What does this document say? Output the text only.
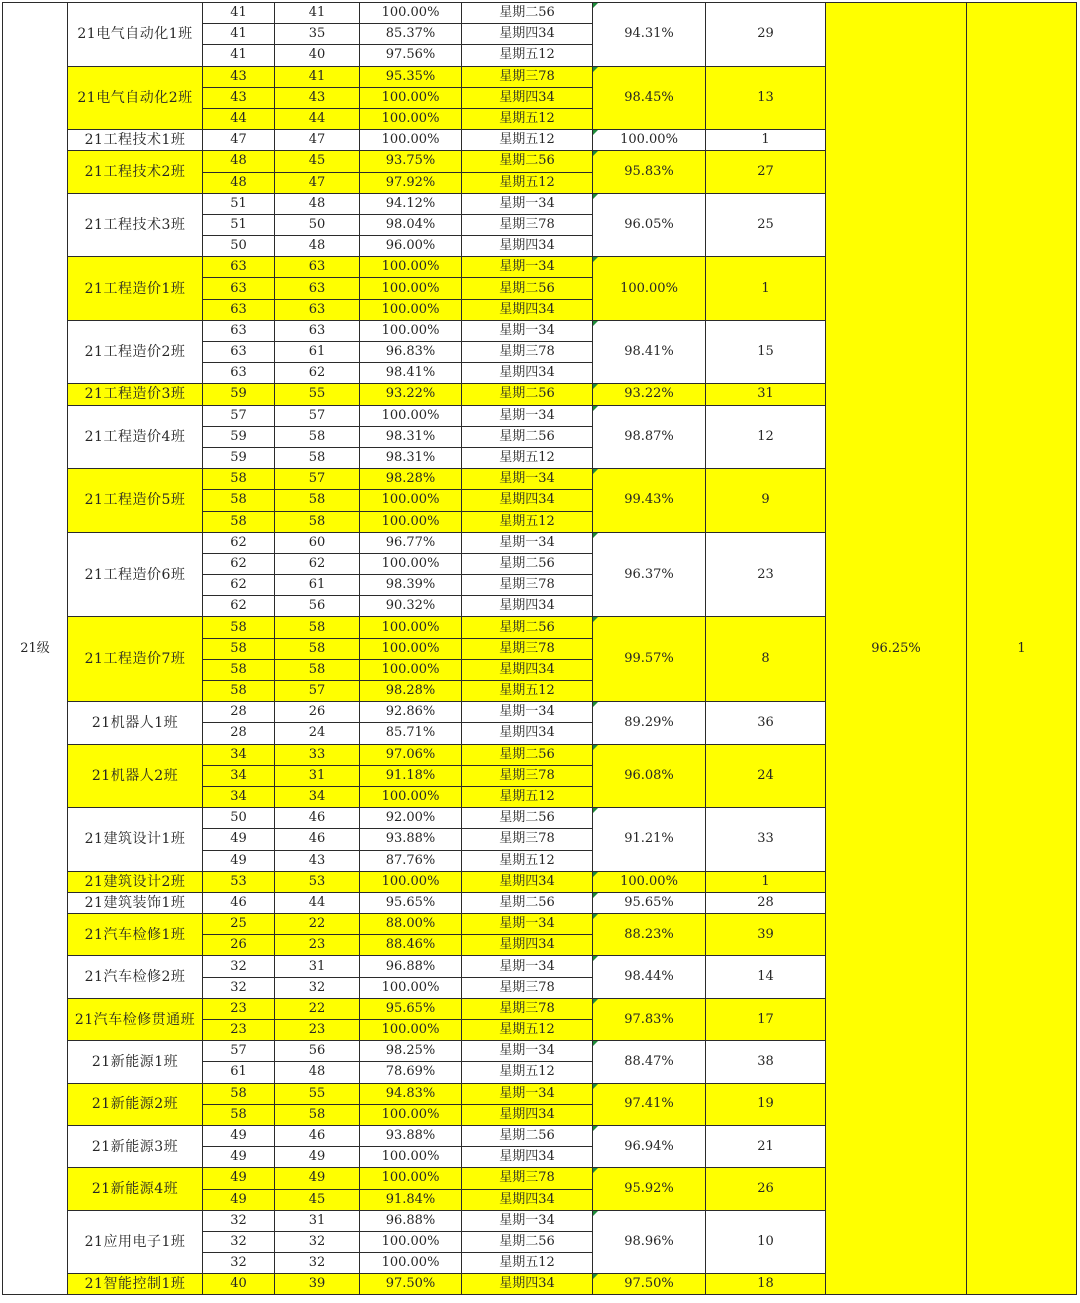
21级	21电气自动化1班	41	41	100.00%	星期二56	94.31%	29	96.25%	1
		41	35	85.37%	星期四34				
		41	40	97.56%	星期五12				
	21电气自动化2班	43	41	95.35%	星期三78	98.45%	13		
		43	43	100.00%	星期四34				
		44	44	100.00%	星期五12				
	21工程技术1班	47	47	100.00%	星期五12	100.00%	1		
	21工程技术2班	48	45	93.75%	星期二56	95.83%	27		
		48	47	97.92%	星期五12				
	21工程技术3班	51	48	94.12%	星期一34	96.05%	25		
		51	50	98.04%	星期三78				
		50	48	96.00%	星期四34				
	21工程造价1班	63	63	100.00%	星期一34	100.00%	1		
		63	63	100.00%	星期二56				
		63	63	100.00%	星期四34				
	21工程造价2班	63	63	100.00%	星期一34	98.41%	15		
		63	61	96.83%	星期三78				
		63	62	98.41%	星期四34				
	21工程造价3班	59	55	93.22%	星期二56	93.22%	31		
	21工程造价4班	57	57	100.00%	星期一34	98.87%	12		
		59	58	98.31%	星期二56				
		59	58	98.31%	星期五12				
	21工程造价5班	58	57	98.28%	星期一34	99.43%	9		
		58	58	100.00%	星期四34				
		58	58	100.00%	星期五12				
	21工程造价6班	62	60	96.77%	星期一34	96.37%	23		
		62	62	100.00%	星期二56				
		62	61	98.39%	星期三78				
		62	56	90.32%	星期四34				
	21工程造价7班	58	58	100.00%	星期二56	99.57%	8		
		58	58	100.00%	星期三78				
		58	58	100.00%	星期四34				
		58	57	98.28%	星期五12				
	21机器人1班	28	26	92.86%	星期一34	89.29%	36		
		28	24	85.71%	星期四34				
	21机器人2班	34	33	97.06%	星期二56	96.08%	24		
		34	31	91.18%	星期三78				
		34	34	100.00%	星期五12				
	21建筑设计1班	50	46	92.00%	星期二56	91.21%	33		
		49	46	93.88%	星期三78				
		49	43	87.76%	星期五12				
	21建筑设计2班	53	53	100.00%	星期四34	100.00%	1		
	21建筑装饰1班	46	44	95.65%	星期二56	95.65%	28		
	21汽车检修1班	25	22	88.00%	星期一34	88.23%	39		
		26	23	88.46%	星期四34				
	21汽车检修2班	32	31	96.88%	星期一34	98.44%	14		
		32	32	100.00%	星期三78				
	21汽车检修贯通班	23	22	95.65%	星期三78	97.83%	17		
		23	23	100.00%	星期五12				
	21新能源1班	57	56	98.25%	星期一34	88.47%	38		
		61	48	78.69%	星期五12				
	21新能源2班	58	55	94.83%	星期一34	97.41%	19		
		58	58	100.00%	星期四34				
	21新能源3班	49	46	93.88%	星期二56	96.94%	21		
		49	49	100.00%	星期四34				
	21新能源4班	49	49	100.00%	星期三78	95.92%	26		
		49	45	91.84%	星期四34				
	21应用电子1班	32	31	96.88%	星期一34	98.96%	10		
		32	32	100.00%	星期二56				
		32	32	100.00%	星期五12				
	21智能控制1班	40	39	97.50%	星期四34	97.50%	18		
